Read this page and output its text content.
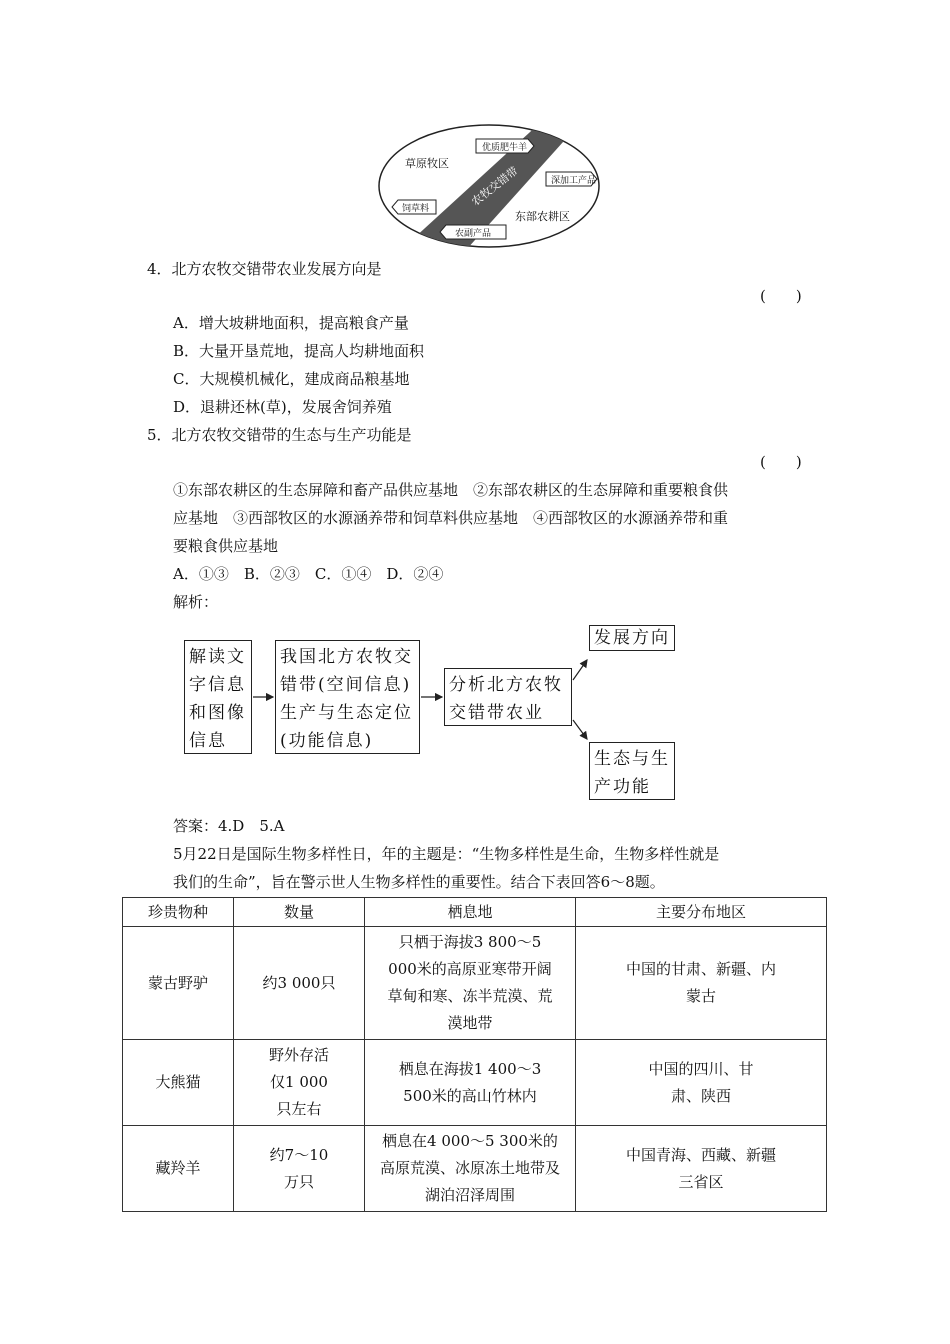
草原牧区
东部农耕区
农牧交错带
优质肥牛羊
深加工产品
饲草料
农副产品
4．北方农牧交错带农业发展方向是
(　　)
A．增大坡耕地面积，提高粮食产量
B．大量开垦荒地，提高人均耕地面积
C．大规模机械化，建成商品粮基地
D．退耕还林(草)，发展舍饲养殖
5．北方农牧交错带的生态与生产功能是
(　　)
①东部农耕区的生态屏障和畜产品供应基地　②东部农耕区的生态屏障和重要粮食供
应基地　③西部牧区的水源涵养带和饲草料供应基地　④西部牧区的水源涵养带和重
要粮食供应基地
A．①③　B．②③　C．①④　D．②④
解析：
解读文字信息和图像信息
我国北方农牧交错带(空间信息)生产与生态定位(功能信息)
分析北方农牧交错带农业
发展方向
生态与生产功能
答案：4.D　5.A
5月22日是国际生物多样性日，年的主题是：“生物多样性是生命，生物多样性就是
我们的生命”，旨在警示世人生物多样性的重要性。结合下表回答6～8题。
珍贵物种	数量	栖息地	主要分布地区
蒙古野驴	约3 000只	只栖于海拔3 800～5 000米的高原亚寒带开阔草甸和寒、冻半荒漠、荒漠地带	中国的甘肃、新疆、内蒙古
大熊猫	野外存活仅1 000只左右	栖息在海拔1 400～3 500米的高山竹林内	中国的四川、甘肃、陕西
藏羚羊	约7～10万只	栖息在4 000～5 300米的高原荒漠、冰原冻土地带及湖泊沼泽周围	中国青海、西藏、新疆三省区
